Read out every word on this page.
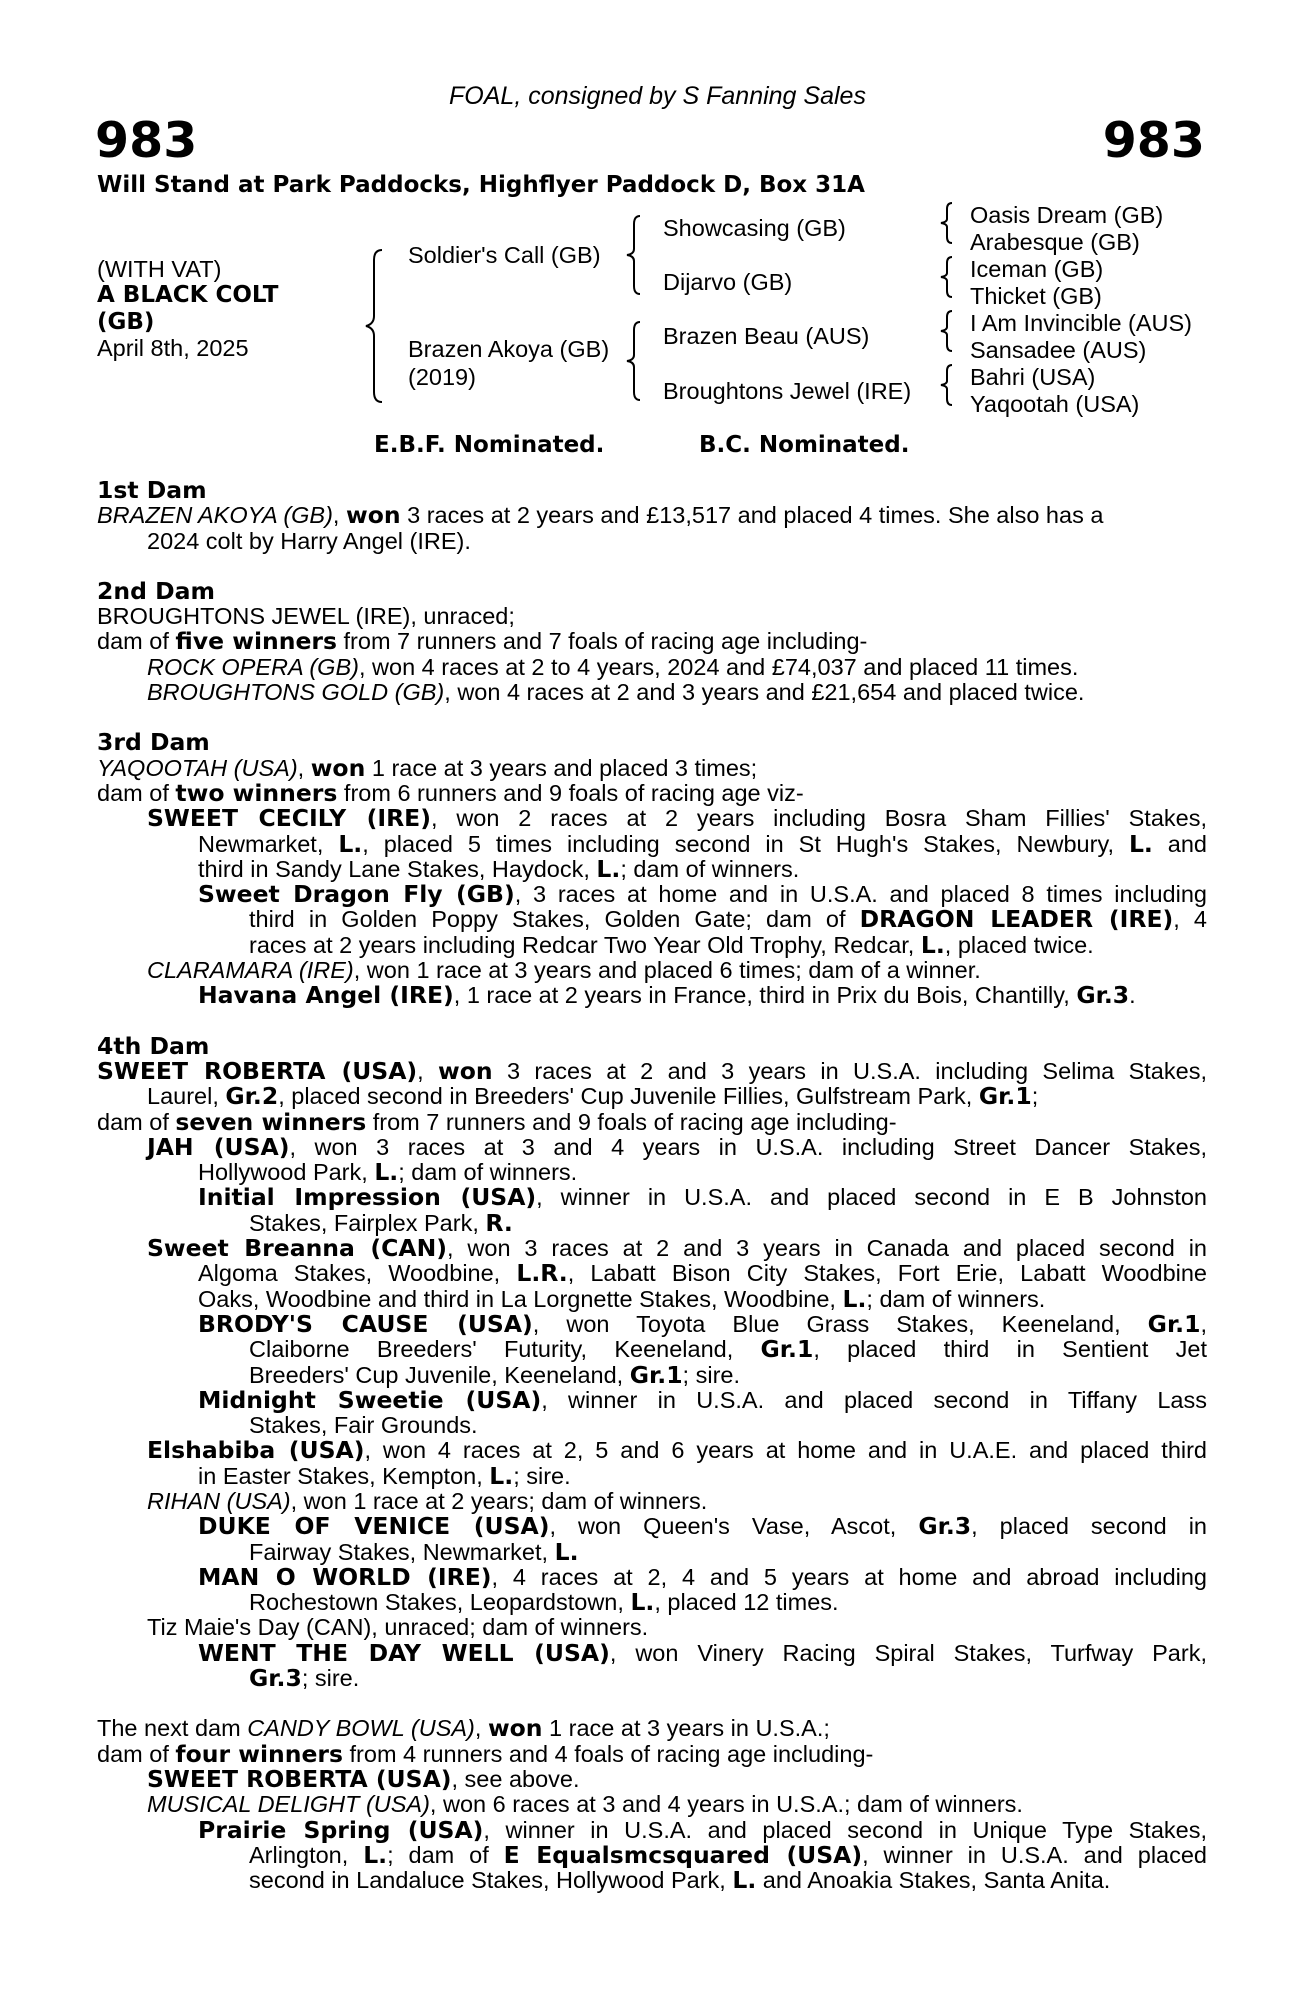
FOAL, consigned by S Fanning Sales
983	983
Will Stand at Park Paddocks, Highflyer Paddock D, Box 31A
(WITH VAT)
A BLACK COLT
(GB)
April 8th, 2025
Soldier's Call (GB)
Brazen Akoya (GB)
(2019)
Showcasing (GB)
Dijarvo (GB)
Brazen Beau (AUS)
Broughtons Jewel (IRE)
Oasis Dream (GB)
Arabesque (GB)
Iceman (GB)
Thicket (GB)
I Am Invincible (AUS)
Sansadee (AUS)
Bahri (USA)
Yaqootah (USA)
E.B.F. Nominated.	B.C. Nominated.
1st Dam
BRAZEN AKOYA (GB), won 3 races at 2 years and £13,517 and placed 4 times. She also has a
2024 colt by Harry Angel (IRE).
2nd Dam
BROUGHTONS JEWEL (IRE), unraced;
dam of five winners from 7 runners and 7 foals of racing age including-
ROCK OPERA (GB), won 4 races at 2 to 4 years, 2024 and £74,037 and placed 11 times.
BROUGHTONS GOLD (GB), won 4 races at 2 and 3 years and £21,654 and placed twice.
3rd Dam
YAQOOTAH (USA), won 1 race at 3 years and placed 3 times;
dam of two winners from 6 runners and 9 foals of racing age viz-
SWEET CECILY (IRE), won 2 races at 2 years including Bosra Sham Fillies' Stakes,
Newmarket, L., placed 5 times including second in St Hugh's Stakes, Newbury, L. and
third in Sandy Lane Stakes, Haydock, L.; dam of winners.
Sweet Dragon Fly (GB), 3 races at home and in U.S.A. and placed 8 times including
third in Golden Poppy Stakes, Golden Gate; dam of DRAGON LEADER (IRE), 4
races at 2 years including Redcar Two Year Old Trophy, Redcar, L., placed twice.
CLARAMARA (IRE), won 1 race at 3 years and placed 6 times; dam of a winner.
Havana Angel (IRE), 1 race at 2 years in France, third in Prix du Bois, Chantilly, Gr.3.
4th Dam
SWEET ROBERTA (USA), won 3 races at 2 and 3 years in U.S.A. including Selima Stakes,
Laurel, Gr.2, placed second in Breeders' Cup Juvenile Fillies, Gulfstream Park, Gr.1;
dam of seven winners from 7 runners and 9 foals of racing age including-
JAH (USA), won 3 races at 3 and 4 years in U.S.A. including Street Dancer Stakes,
Hollywood Park, L.; dam of winners.
Initial Impression (USA), winner in U.S.A. and placed second in E B Johnston
Stakes, Fairplex Park, R.
Sweet Breanna (CAN), won 3 races at 2 and 3 years in Canada and placed second in
Algoma Stakes, Woodbine, L.R., Labatt Bison City Stakes, Fort Erie, Labatt Woodbine
Oaks, Woodbine and third in La Lorgnette Stakes, Woodbine, L.; dam of winners.
BRODY'S CAUSE (USA), won Toyota Blue Grass Stakes, Keeneland, Gr.1,
Claiborne Breeders' Futurity, Keeneland, Gr.1, placed third in Sentient Jet
Breeders' Cup Juvenile, Keeneland, Gr.1; sire.
Midnight Sweetie (USA), winner in U.S.A. and placed second in Tiffany Lass
Stakes, Fair Grounds.
Elshabiba (USA), won 4 races at 2, 5 and 6 years at home and in U.A.E. and placed third
in Easter Stakes, Kempton, L.; sire.
RIHAN (USA), won 1 race at 2 years; dam of winners.
DUKE OF VENICE (USA), won Queen's Vase, Ascot, Gr.3, placed second in
Fairway Stakes, Newmarket, L.
MAN O WORLD (IRE), 4 races at 2, 4 and 5 years at home and abroad including
Rochestown Stakes, Leopardstown, L., placed 12 times.
Tiz Maie's Day (CAN), unraced; dam of winners.
WENT THE DAY WELL (USA), won Vinery Racing Spiral Stakes, Turfway Park,
Gr.3; sire.
The next dam CANDY BOWL (USA), won 1 race at 3 years in U.S.A.;
dam of four winners from 4 runners and 4 foals of racing age including-
SWEET ROBERTA (USA), see above.
MUSICAL DELIGHT (USA), won 6 races at 3 and 4 years in U.S.A.; dam of winners.
Prairie Spring (USA), winner in U.S.A. and placed second in Unique Type Stakes,
Arlington, L.; dam of E Equalsmcsquared (USA), winner in U.S.A. and placed
second in Landaluce Stakes, Hollywood Park, L. and Anoakia Stakes, Santa Anita.
